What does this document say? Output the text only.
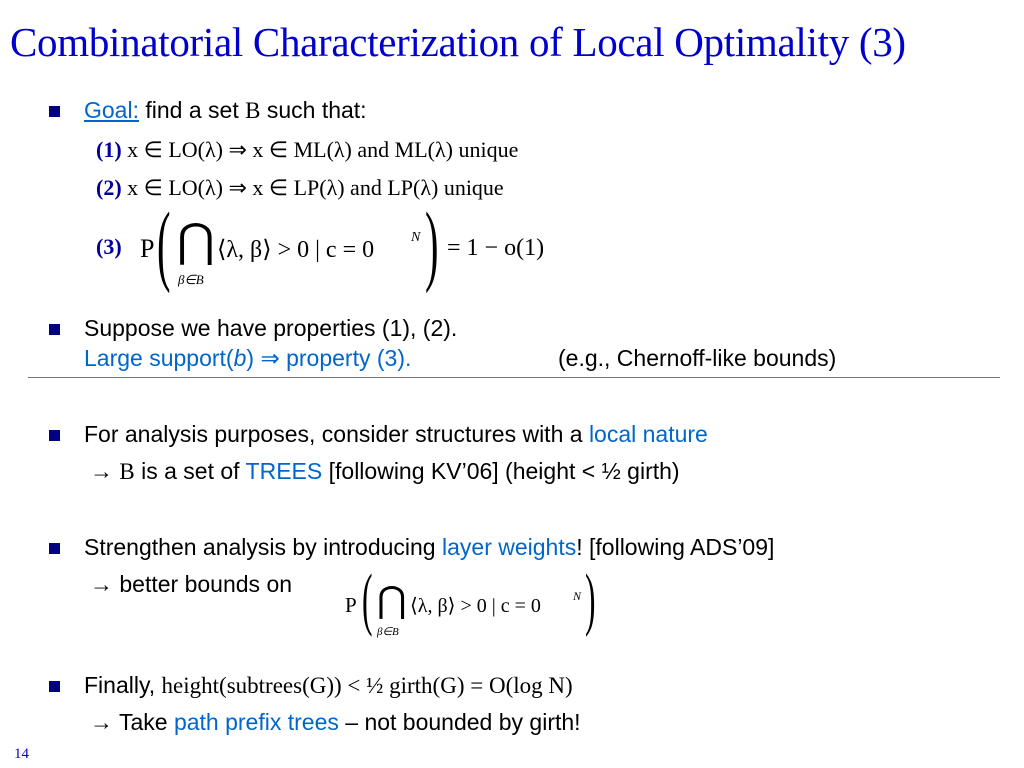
Combinatorial Characterization of Local Optimality (3)
Goal: find a set B such that:
(1) x ∈ LO(λ) ⇒ x ∈ ML(λ) and ML(λ) unique
(2) x ∈ LO(λ) ⇒ x ∈ LP(λ) and LP(λ) unique
(3) P ( ⋂
β∈B
⟨λ, β⟩ > 0 | c = 0	N ) = 1 − o(1)
Suppose we have properties (1), (2).
Large support(b) ⇒ property (3).	(e.g., Chernoff-like bounds)
For analysis purposes, consider structures with a local nature
→ B is a set of TREES [following KV’06] (height < ½ girth)
Strengthen analysis by introducing layer weights! [following ADS’09]
→ better bounds on
P ( ⋂
β∈B
⟨λ, β⟩ > 0 | c = 0	N )
Finally, height(subtrees(G)) < ½ girth(G) = O(log N)
→ Take path prefix trees – not bounded by girth!
14
